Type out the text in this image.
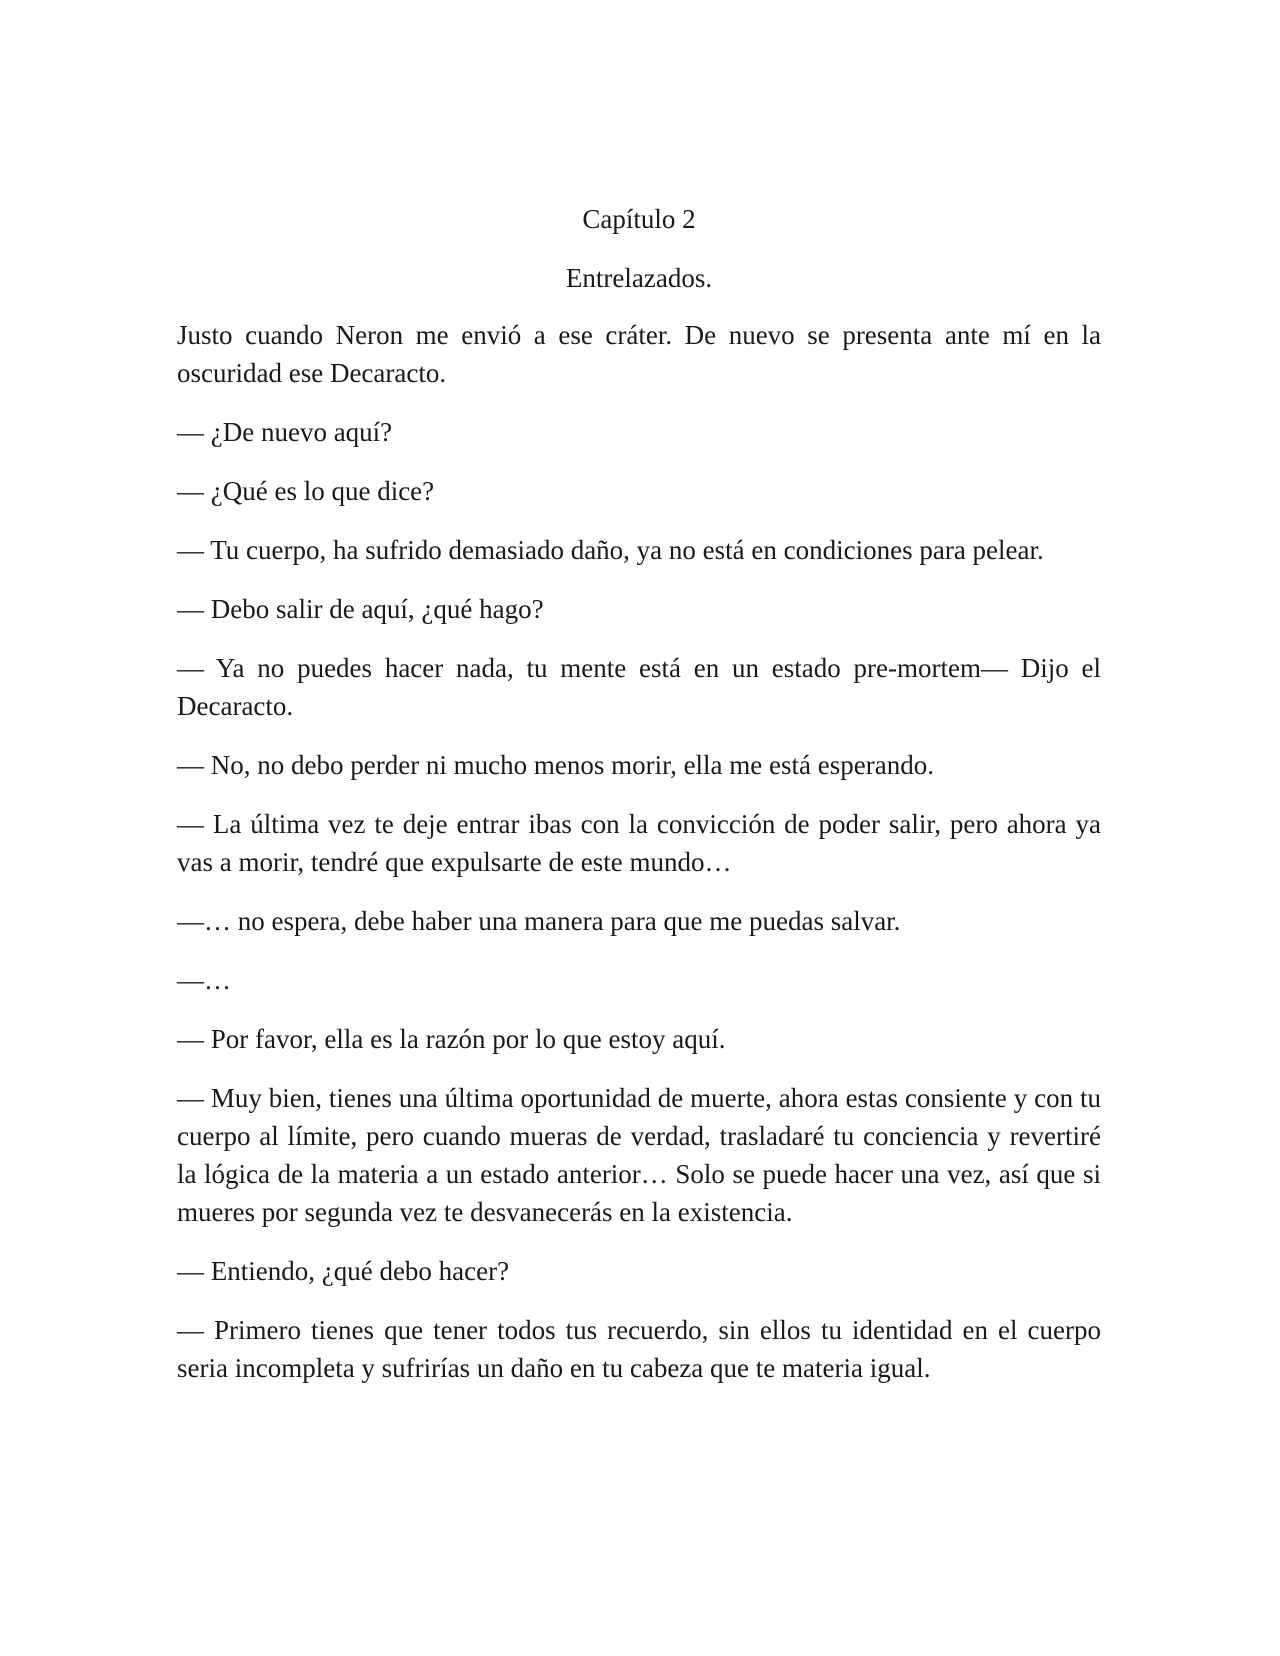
Capítulo 2
Entrelazados.

Justo cuando Neron me envió a ese cráter. De nuevo se presenta ante mí en la oscuridad ese Decaracto.

— ¿De nuevo aquí?

— ¿Qué es lo que dice?

— Tu cuerpo, ha sufrido demasiado daño, ya no está en condiciones para pelear.

— Debo salir de aquí, ¿qué hago?

— Ya no puedes hacer nada, tu mente está en un estado pre-mortem— Dijo el Decaracto.

— No, no debo perder ni mucho menos morir, ella me está esperando.

— La última vez te deje entrar ibas con la convicción de poder salir, pero ahora ya vas a morir, tendré que expulsarte de este mundo…

—… no espera, debe haber una manera para que me puedas salvar.

—…

— Por favor, ella es la razón por lo que estoy aquí.

— Muy bien, tienes una última oportunidad de muerte, ahora estas consiente y con tu cuerpo al límite, pero cuando mueras de verdad, trasladaré tu conciencia y revertiré la lógica de la materia a un estado anterior… Solo se puede hacer una vez, así que si mueres por segunda vez te desvanecerás en la existencia.

— Entiendo, ¿qué debo hacer?

— Primero tienes que tener todos tus recuerdo, sin ellos tu identidad en el cuerpo seria incompleta y sufrirías un daño en tu cabeza que te materia igual.
